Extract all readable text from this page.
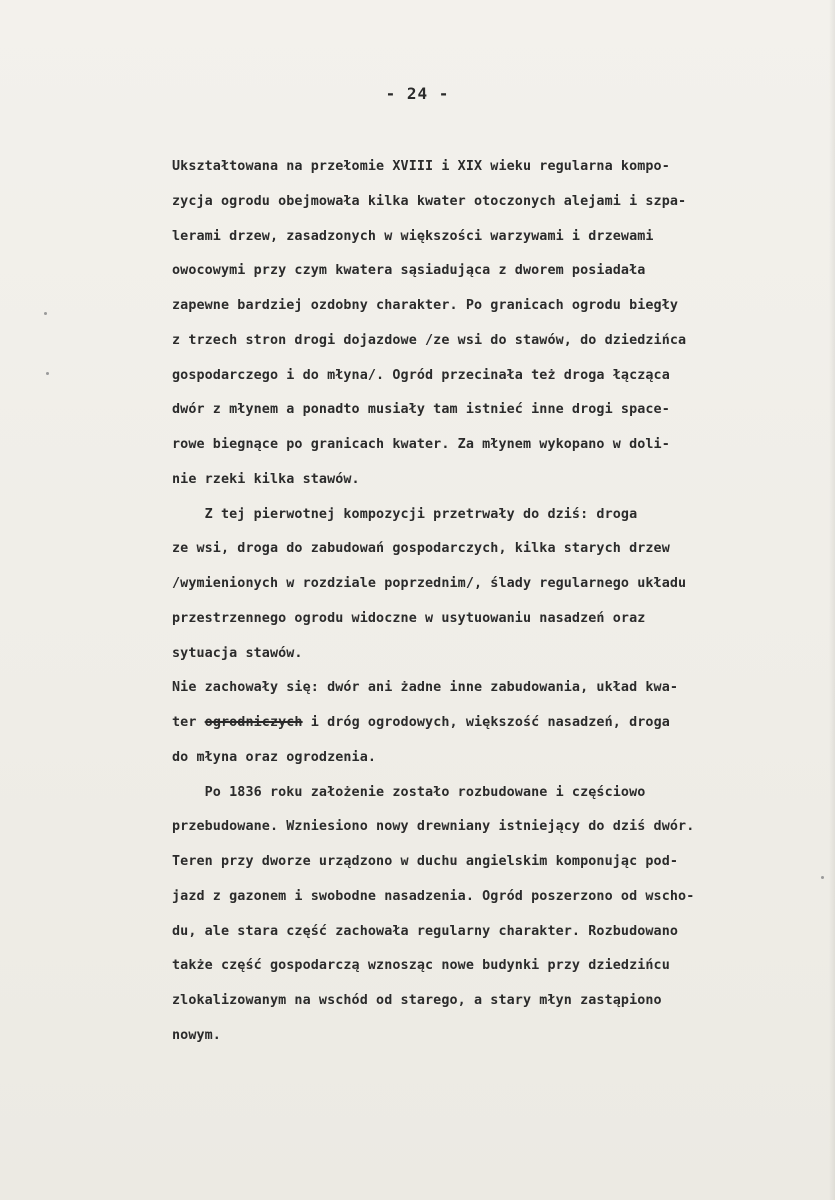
- 24 -
Ukształtowana na przełomie XVIII i XIX wieku regularna kompo-
zycja ogrodu obejmowała kilka kwater otoczonych alejami i szpa-
lerami drzew, zasadzonych w większości warzywami i drzewami
owocowymi przy czym kwatera sąsiadująca z dworem posiadała
zapewne bardziej ozdobny charakter. Po granicach ogrodu biegły
z trzech stron drogi dojazdowe /ze wsi do stawów, do dziedzińca
gospodarczego i do młyna/. Ogród przecinała też droga łącząca
dwór z młynem a ponadto musiały tam istnieć inne drogi spacе-
rowe biegnące po granicach kwater. Za młynem wykopano w doli-
nie rzeki kilka stawów.
Z tej pierwotnej kompozycji przetrwały do dziś: droga
ze wsi, droga do zabudowań gospodarczych, kilka starych drzew
/wymienionych w rozdziale poprzednim/, ślady regularnego układu
przestrzennego ogrodu widoczne w usytuowaniu nasadzeń oraz
sytuacja stawów.
Nie zachowały się: dwór ani żadne inne zabudowania, układ kwa-
ter ogrodniczych i dróg ogrodowych, większość nasadzeń, droga
do młyna oraz ogrodzenia.
Po 1836 roku założenie zostało rozbudowane i częściowo
przebudowane. Wzniesiono nowy drewniany istniejący do dziś dwór.
Teren przy dworze urządzono w duchu angielskim komponując pod-
jazd z gazonem i swobodne nasadzenia. Ogród poszerzono od wscho-
du, ale stara część zachowała regularny charakter. Rozbudowano
także część gospodarczą wznosząc nowe budynki przy dziedzińcu
zlokalizowanym na wschód od starego, a stary młyn zastąpiono
nowym.
